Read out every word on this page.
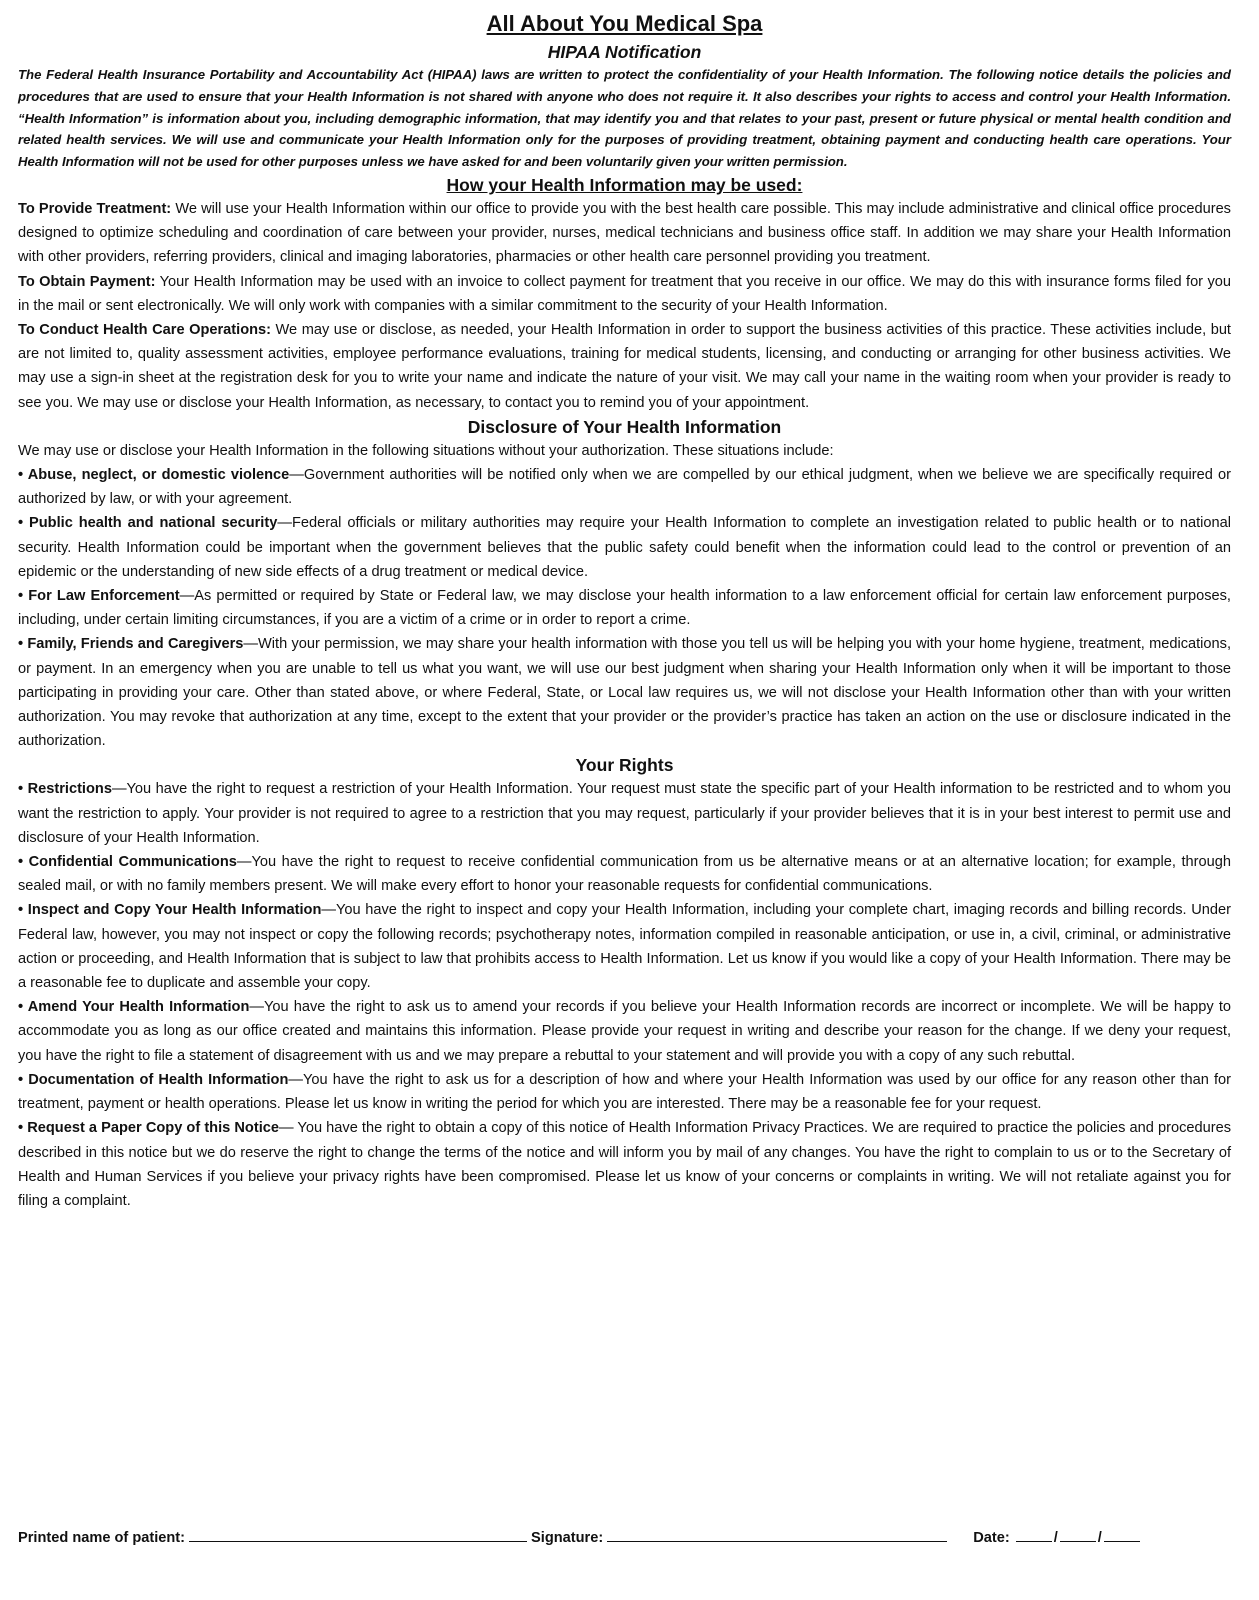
All About You Medical Spa
HIPAA Notification

The Federal Health Insurance Portability and Accountability Act (HIPAA) laws are written to protect the confidentiality of your Health Information. The following notice details the policies and procedures that are used to ensure that your Health Information is not shared with anyone who does not require it. It also describes your rights to access and control your Health Information. “Health Information” is information about you, including demographic information, that may identify you and that relates to your past, present or future physical or mental health condition and related health services. We will use and communicate your Health Information only for the purposes of providing treatment, obtaining payment and conducting health care operations. Your Health Information will not be used for other purposes unless we have asked for and been voluntarily given your written permission.

How your Health Information may be used:

To Provide Treatment: We will use your Health Information within our office to provide you with the best health care possible. This may include administrative and clinical office procedures designed to optimize scheduling and coordination of care between your provider, nurses, medical technicians and business office staff. In addition we may share your Health Information with other providers, referring providers, clinical and imaging laboratories, pharmacies or other health care personnel providing you treatment.

To Obtain Payment: Your Health Information may be used with an invoice to collect payment for treatment that you receive in our office. We may do this with insurance forms filed for you in the mail or sent electronically. We will only work with companies with a similar commitment to the security of your Health Information.

To Conduct Health Care Operations: We may use or disclose, as needed, your Health Information in order to support the business activities of this practice. These activities include, but are not limited to, quality assessment activities, employee performance evaluations, training for medical students, licensing, and conducting or arranging for other business activities. We may use a sign-in sheet at the registration desk for you to write your name and indicate the nature of your visit. We may call your name in the waiting room when your provider is ready to see you. We may use or disclose your Health Information, as necessary, to contact you to remind you of your appointment.

Disclosure of Your Health Information

We may use or disclose your Health Information in the following situations without your authorization. These situations include:

• Abuse, neglect, or domestic violence—Government authorities will be notified only when we are compelled by our ethical judgment, when we believe we are specifically required or authorized by law, or with your agreement.

• Public health and national security—Federal officials or military authorities may require your Health Information to complete an investigation related to public health or to national security. Health Information could be important when the government believes that the public safety could benefit when the information could lead to the control or prevention of an epidemic or the understanding of new side effects of a drug treatment or medical device.

• For Law Enforcement—As permitted or required by State or Federal law, we may disclose your health information to a law enforcement official for certain law enforcement purposes, including, under certain limiting circumstances, if you are a victim of a crime or in order to report a crime.

• Family, Friends and Caregivers—With your permission, we may share your health information with those you tell us will be helping you with your home hygiene, treatment, medications, or payment. In an emergency when you are unable to tell us what you want, we will use our best judgment when sharing your Health Information only when it will be important to those participating in providing your care. Other than stated above, or where Federal, State, or Local law requires us, we will not disclose your Health Information other than with your written authorization. You may revoke that authorization at any time, except to the extent that your provider or the provider’s practice has taken an action on the use or disclosure indicated in the authorization.

Your Rights

• Restrictions—You have the right to request a restriction of your Health Information. Your request must state the specific part of your Health information to be restricted and to whom you want the restriction to apply. Your provider is not required to agree to a restriction that you may request, particularly if your provider believes that it is in your best interest to permit use and disclosure of your Health Information.

• Confidential Communications—You have the right to request to receive confidential communication from us be alternative means or at an alternative location; for example, through sealed mail, or with no family members present. We will make every effort to honor your reasonable requests for confidential communications.

• Inspect and Copy Your Health Information—You have the right to inspect and copy your Health Information, including your complete chart, imaging records and billing records. Under Federal law, however, you may not inspect or copy the following records; psychotherapy notes, information compiled in reasonable anticipation, or use in, a civil, criminal, or administrative action or proceeding, and Health Information that is subject to law that prohibits access to Health Information. Let us know if you would like a copy of your Health Information. There may be a reasonable fee to duplicate and assemble your copy.

• Amend Your Health Information—You have the right to ask us to amend your records if you believe your Health Information records are incorrect or incomplete. We will be happy to accommodate you as long as our office created and maintains this information. Please provide your request in writing and describe your reason for the change. If we deny your request, you have the right to file a statement of disagreement with us and we may prepare a rebuttal to your statement and will provide you with a copy of any such rebuttal.

• Documentation of Health Information—You have the right to ask us for a description of how and where your Health Information was used by our office for any reason other than for treatment, payment or health operations. Please let us know in writing the period for which you are interested. There may be a reasonable fee for your request.

• Request a Paper Copy of this Notice— You have the right to obtain a copy of this notice of Health Information Privacy Practices. We are required to practice the policies and procedures described in this notice but we do reserve the right to change the terms of the notice and will inform you by mail of any changes. You have the right to complain to us or to the Secretary of Health and Human Services if you believe your privacy rights have been compromised. Please let us know of your concerns or complaints in writing. We will not retaliate against you for filing a complaint.

Printed name of patient:	Signature:	Date:	/	/
